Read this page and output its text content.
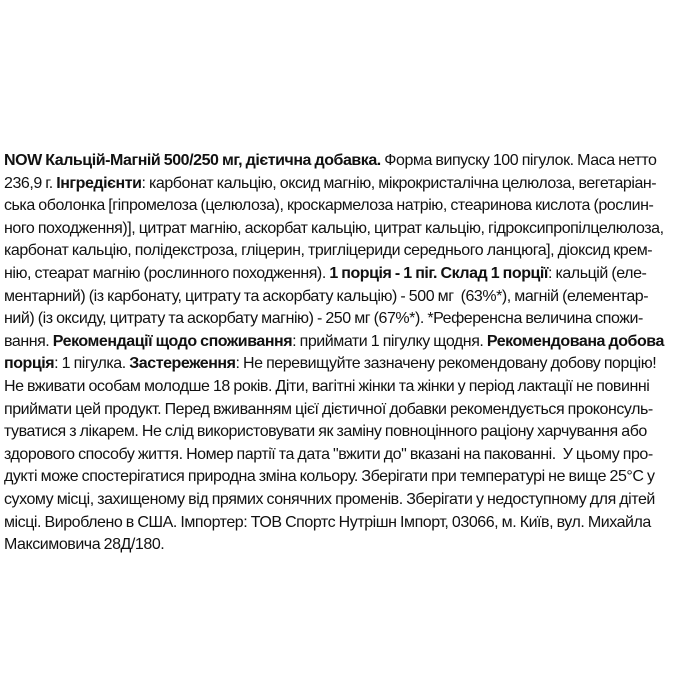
NOW Кальцій-Магній 500/250 мг, дієтична добавка. Форма випуску 100 пігулок. Маса нетто
236,9 г. Інгредієнти: карбонат кальцію, оксид магнію, мікрокристалічна целюлоза, вегетаріан-
ська оболонка [гіпромелоза (целюлоза), кроскармелоза натрію, стеаринова кислота (рослин-
ного походження)], цитрат магнію, аскорбат кальцію, цитрат кальцію, гідроксипропілцелюлоза,
карбонат кальцію, полідекстроза, гліцерин, тригліцериди середнього ланцюга], діоксид крем-
нію, стеарат магнію (рослинного походження). 1 порція - 1 піг. Склад 1 порції: кальцій (еле-
ментарний) (із карбонату, цитрату та аскорбату кальцію) - 500 мг  (63%*), магній (елементар-
ний) (із оксиду, цитрату та аскорбату магнію) - 250 мг (67%*). *Референсна величина спожи-
вання. Рекомендації щодо споживання: приймати 1 пігулку щодня. Рекомендована добова
порція: 1 пігулка. Застереження: Не перевищуйте зазначену рекомендовану добову порцію!
Не вживати особам молодше 18 років. Діти, вагітні жінки та жінки у період лактації не повинні
приймати цей продукт. Перед вживанням цієї дієтичної добавки рекомендується проконсуль-
туватися з лікарем. Не слід використовувати як заміну повноцінного раціону харчування або
здорового способу життя. Номер партії та дата "вжити до" вказані на пакованні.  У цьому про-
дукті може спостерігатися природна зміна кольору. Зберігати при температурі не вище 25°С у
сухому місці, захищеному від прямих сонячних променів. Зберігати у недоступному для дітей
місці. Вироблено в США. Імпортер: ТОВ Спортс Нутрішн Імпорт, 03066, м. Київ, вул. Михайла
Максимовича 28Д/180.
